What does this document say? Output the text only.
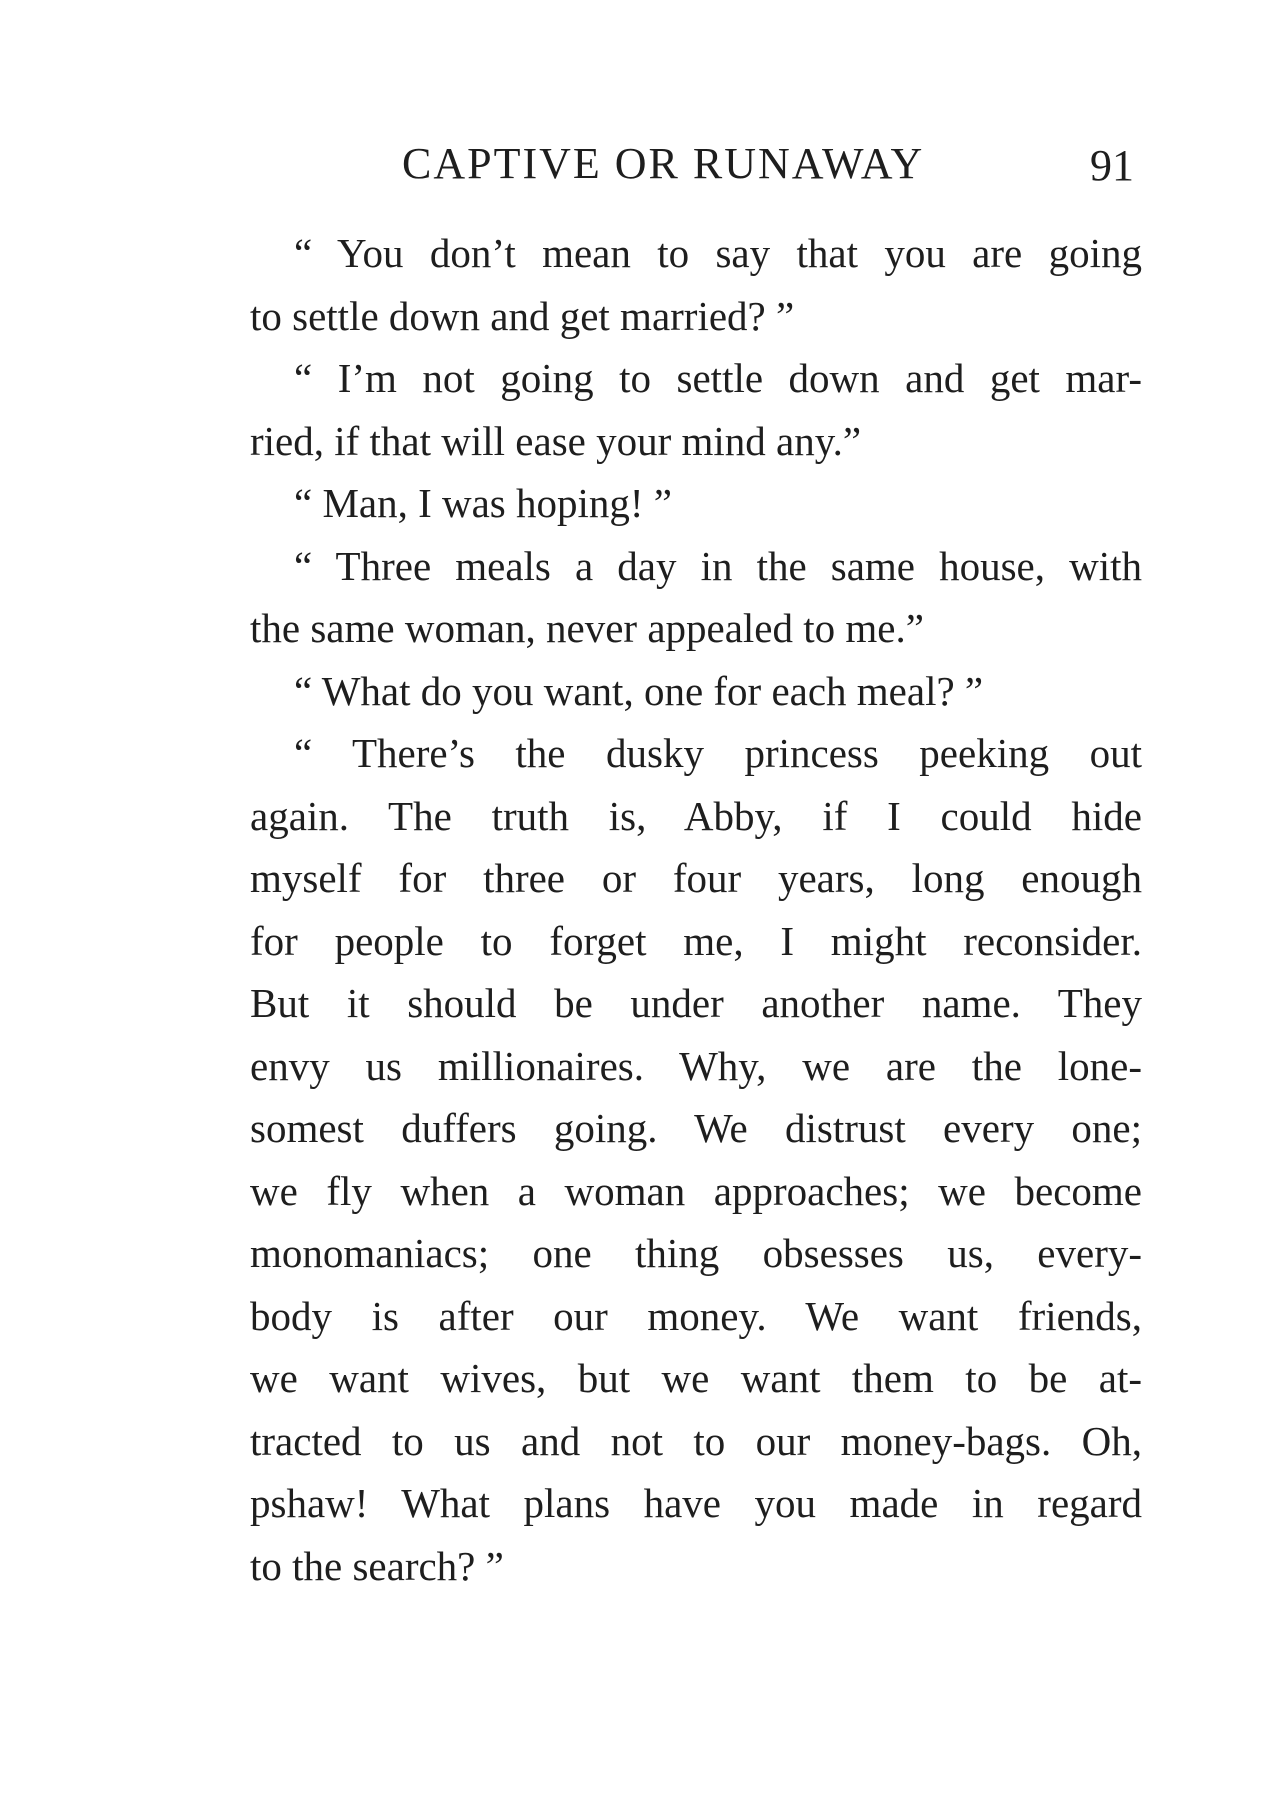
CAPTIVE OR RUNAWAY	91
“ You don’t mean to say that you are going
to settle down and get married? ”
“ I’m not going to settle down and get mar-
ried, if that will ease your mind any.”
“ Man, I was hoping! ”
“ Three meals a day in the same house, with
the same woman, never appealed to me.”
“ What do you want, one for each meal? ”
“ There’s the dusky princess peeking out
again. The truth is, Abby, if I could hide
myself for three or four years, long enough
for people to forget me, I might reconsider.
But it should be under another name. They
envy us millionaires. Why, we are the lone-
somest duffers going. We distrust every one;
we fly when a woman approaches; we become
monomaniacs; one thing obsesses us, every-
body is after our money. We want friends,
we want wives, but we want them to be at-
tracted to us and not to our money-bags. Oh,
pshaw! What plans have you made in regard
to the search? ”
